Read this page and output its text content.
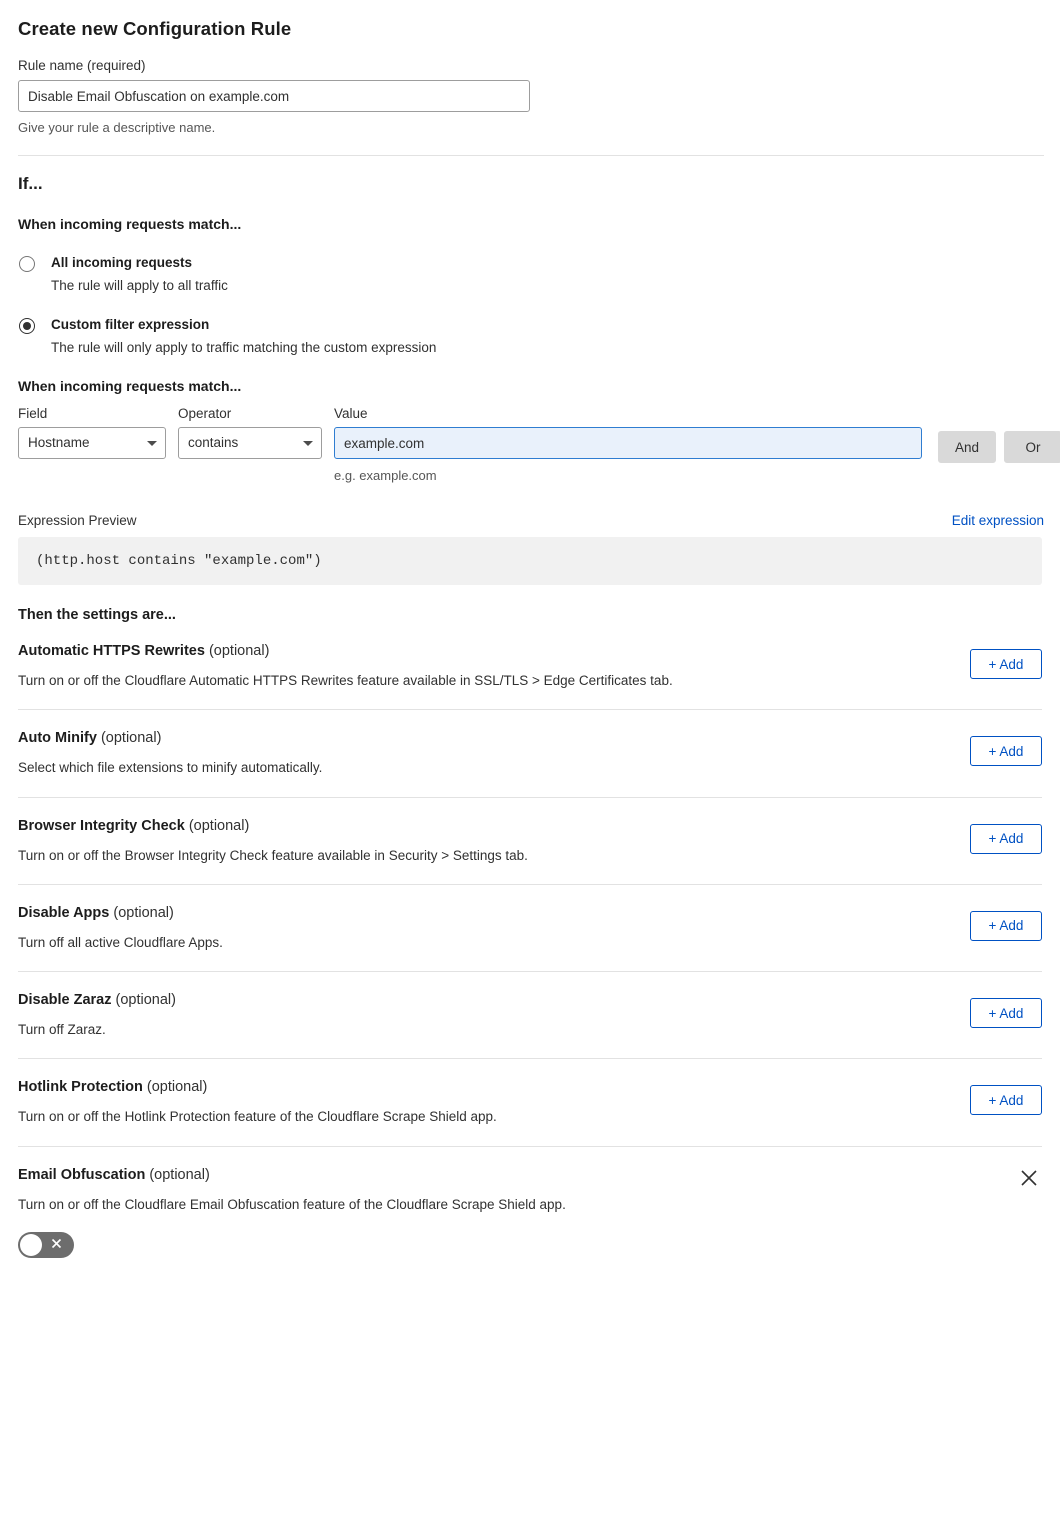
Create new Configuration Rule
Rule name (required)
Disable Email Obfuscation on example.com
Give your rule a descriptive name.
If...
When incoming requests match...
All incoming requests
The rule will apply to all traffic
Custom filter expression
The rule will only apply to traffic matching the custom expression
When incoming requests match...
Field
Hostname
Operator
contains
Value
example.com
e.g. example.com
And	Or
Expression Preview	Edit expression
(http.host contains "example.com")
Then the settings are...
Automatic HTTPS Rewrites (optional)
Turn on or off the Cloudflare Automatic HTTPS Rewrites feature available in SSL/TLS > Edge Certificates tab.
+ Add
Auto Minify (optional)
Select which file extensions to minify automatically.
+ Add
Browser Integrity Check (optional)
Turn on or off the Browser Integrity Check feature available in Security > Settings tab.
+ Add
Disable Apps (optional)
Turn off all active Cloudflare Apps.
+ Add
Disable Zaraz (optional)
Turn off Zaraz.
+ Add
Hotlink Protection (optional)
Turn on or off the Hotlink Protection feature of the Cloudflare Scrape Shield app.
+ Add
Email Obfuscation (optional)
Turn on or off the Cloudflare Email Obfuscation feature of the Cloudflare Scrape Shield app.
